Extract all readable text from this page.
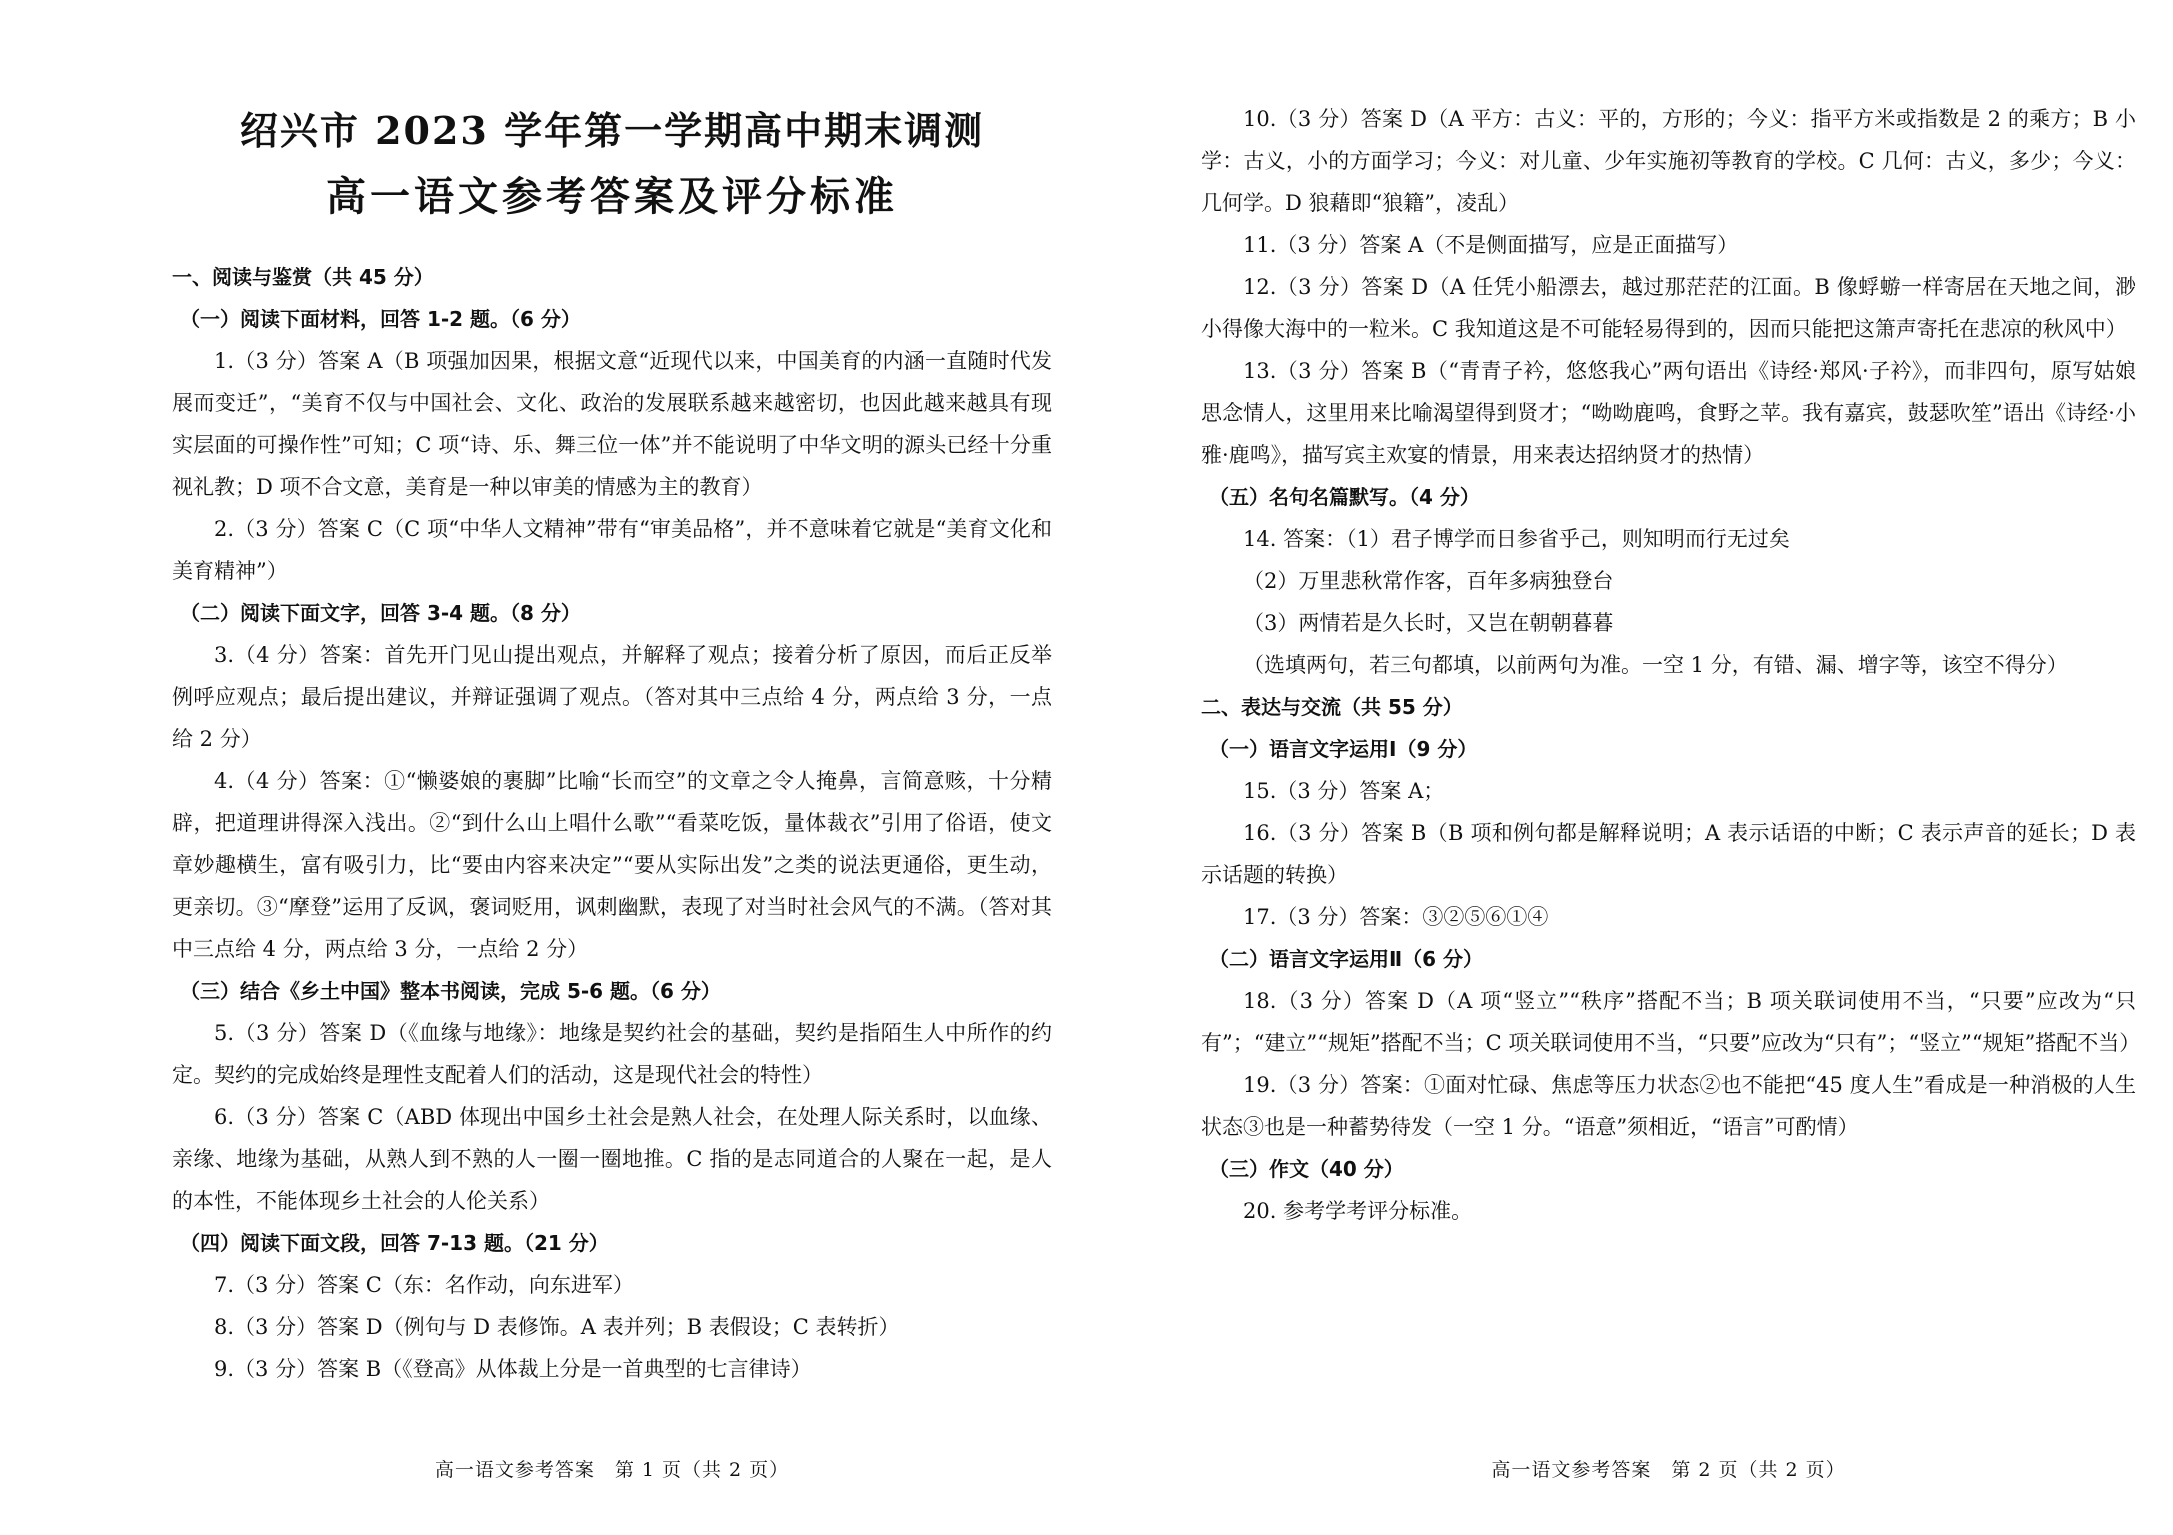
绍兴市 2023 学年第一学期高中期末调测
高一语文参考答案及评分标准

一、阅读与鉴赏（共 45 分）

（一）阅读下面材料，回答 1-2 题。（6 分）

1.（3 分）答案 A（B 项强加因果，根据文意“近现代以来，中国美育的内涵一直随时代发展而变迁”，“美育不仅与中国社会、文化、政治的发展联系越来越密切，也因此越来越具有现实层面的可操作性”可知；C 项“诗、乐、舞三位一体”并不能说明了中华文明的源头已经十分重视礼教；D 项不合文意，美育是一种以审美的情感为主的教育）

2.（3 分）答案 C（C 项“中华人文精神”带有“审美品格”，并不意味着它就是“美育文化和美育精神”）

（二）阅读下面文字，回答 3-4 题。（8 分）

3.（4 分）答案：首先开门见山提出观点，并解释了观点；接着分析了原因，而后正反举例呼应观点；最后提出建议，并辩证强调了观点。（答对其中三点给 4 分，两点给 3 分，一点给 2 分）

4.（4 分）答案：①“懒婆娘的裹脚”比喻“长而空”的文章之令人掩鼻，言简意赅，十分精辟，把道理讲得深入浅出。②“到什么山上唱什么歌”“看菜吃饭，量体裁衣”引用了俗语，使文章妙趣横生，富有吸引力，比“要由内容来决定”“要从实际出发”之类的说法更通俗，更生动，更亲切。③“摩登”运用了反讽，褒词贬用，讽刺幽默，表现了对当时社会风气的不满。（答对其中三点给 4 分，两点给 3 分，一点给 2 分）

（三）结合《乡土中国》整本书阅读，完成 5-6 题。（6 分）

5.（3 分）答案 D（《血缘与地缘》：地缘是契约社会的基础，契约是指陌生人中所作的约定。契约的完成始终是理性支配着人们的活动，这是现代社会的特性）

6.（3 分）答案 C（ABD 体现出中国乡土社会是熟人社会，在处理人际关系时，以血缘、亲缘、地缘为基础，从熟人到不熟的人一圈一圈地推。C 指的是志同道合的人聚在一起，是人的本性，不能体现乡土社会的人伦关系）

（四）阅读下面文段，回答 7-13 题。（21 分）

7.（3 分）答案 C（东：名作动，向东进军）

8.（3 分）答案 D（例句与 D 表修饰。A 表并列；B 表假设；C 表转折）

9.（3 分）答案 B（《登高》从体裁上分是一首典型的七言律诗）

高一语文参考答案　第 1 页（共 2 页）

10.（3 分）答案 D（A 平方：古义：平的，方形的；今义：指平方米或指数是 2 的乘方；B 小学：古义，小的方面学习；今义：对儿童、少年实施初等教育的学校。C 几何：古义，多少；今义：几何学。D 狼藉即“狼籍”，凌乱）

11.（3 分）答案 A（不是侧面描写，应是正面描写）

12.（3 分）答案 D（A 任凭小船漂去，越过那茫茫的江面。B 像蜉蝣一样寄居在天地之间，渺小得像大海中的一粒米。C 我知道这是不可能轻易得到的，因而只能把这箫声寄托在悲凉的秋风中）

13.（3 分）答案 B（“青青子衿，悠悠我心”两句语出《诗经·郑风·子衿》，而非四句，原写姑娘思念情人，这里用来比喻渴望得到贤才；“呦呦鹿鸣，食野之苹。我有嘉宾，鼓瑟吹笙”语出《诗经·小雅·鹿鸣》，描写宾主欢宴的情景，用来表达招纳贤才的热情）

（五）名句名篇默写。（4 分）

14. 答案：（1）君子博学而日参省乎己，则知明而行无过矣

（2）万里悲秋常作客，百年多病独登台

（3）两情若是久长时，又岂在朝朝暮暮

（选填两句，若三句都填，以前两句为准。一空 1 分，有错、漏、增字等，该空不得分）

二、表达与交流（共 55 分）

（一）语言文字运用Ⅰ（9 分）

15.（3 分）答案 A；

16.（3 分）答案 B（B 项和例句都是解释说明；A 表示话语的中断；C 表示声音的延长；D 表示话题的转换）

17.（3 分）答案：③②⑤⑥①④

（二）语言文字运用Ⅱ（6 分）

18.（3 分）答案 D（A 项“竖立”“秩序”搭配不当；B 项关联词使用不当，“只要”应改为“只有”；“建立”“规矩”搭配不当；C 项关联词使用不当，“只要”应改为“只有”；“竖立”“规矩”搭配不当）

19.（3 分）答案：①面对忙碌、焦虑等压力状态②也不能把“45 度人生”看成是一种消极的人生状态③也是一种蓄势待发（一空 1 分。“语意”须相近，“语言”可酌情）

（三）作文（40 分）

20. 参考学考评分标准。

高一语文参考答案　第 2 页（共 2 页）
